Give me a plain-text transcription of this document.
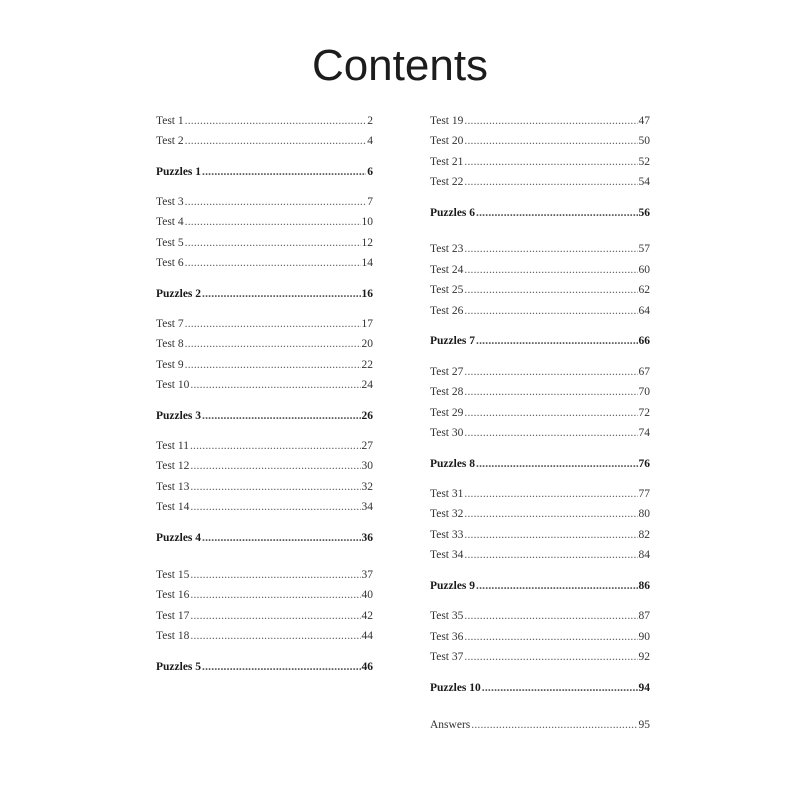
Contents
Test 1 .....	2
Test 2 .....	4
Puzzles 1 .....	6
Test 3 .....	7
Test 4 .....	10
Test 5 .....	12
Test 6 .....	14
Puzzles 2 .....	16
Test 7 .....	17
Test 8 .....	20
Test 9 .....	22
Test 10 .....	24
Puzzles 3 .....	26
Test 11 .....	27
Test 12 .....	30
Test 13 .....	32
Test 14 .....	34
Puzzles 4 .....	36
Test 15 .....	37
Test 16 .....	40
Test 17 .....	42
Test 18 .....	44
Puzzles 5 .....	46
Test 19 .....	47
Test 20 .....	50
Test 21 .....	52
Test 22 .....	54
Puzzles 6 .....	56
Test 23 .....	57
Test 24 .....	60
Test 25 .....	62
Test 26 .....	64
Puzzles 7 .....	66
Test 27 .....	67
Test 28 .....	70
Test 29 .....	72
Test 30 .....	74
Puzzles 8 .....	76
Test 31 .....	77
Test 32 .....	80
Test 33 .....	82
Test 34 .....	84
Puzzles 9 .....	86
Test 35 .....	87
Test 36 .....	90
Test 37 .....	92
Puzzles 10 .....	94
Answers .....	95
